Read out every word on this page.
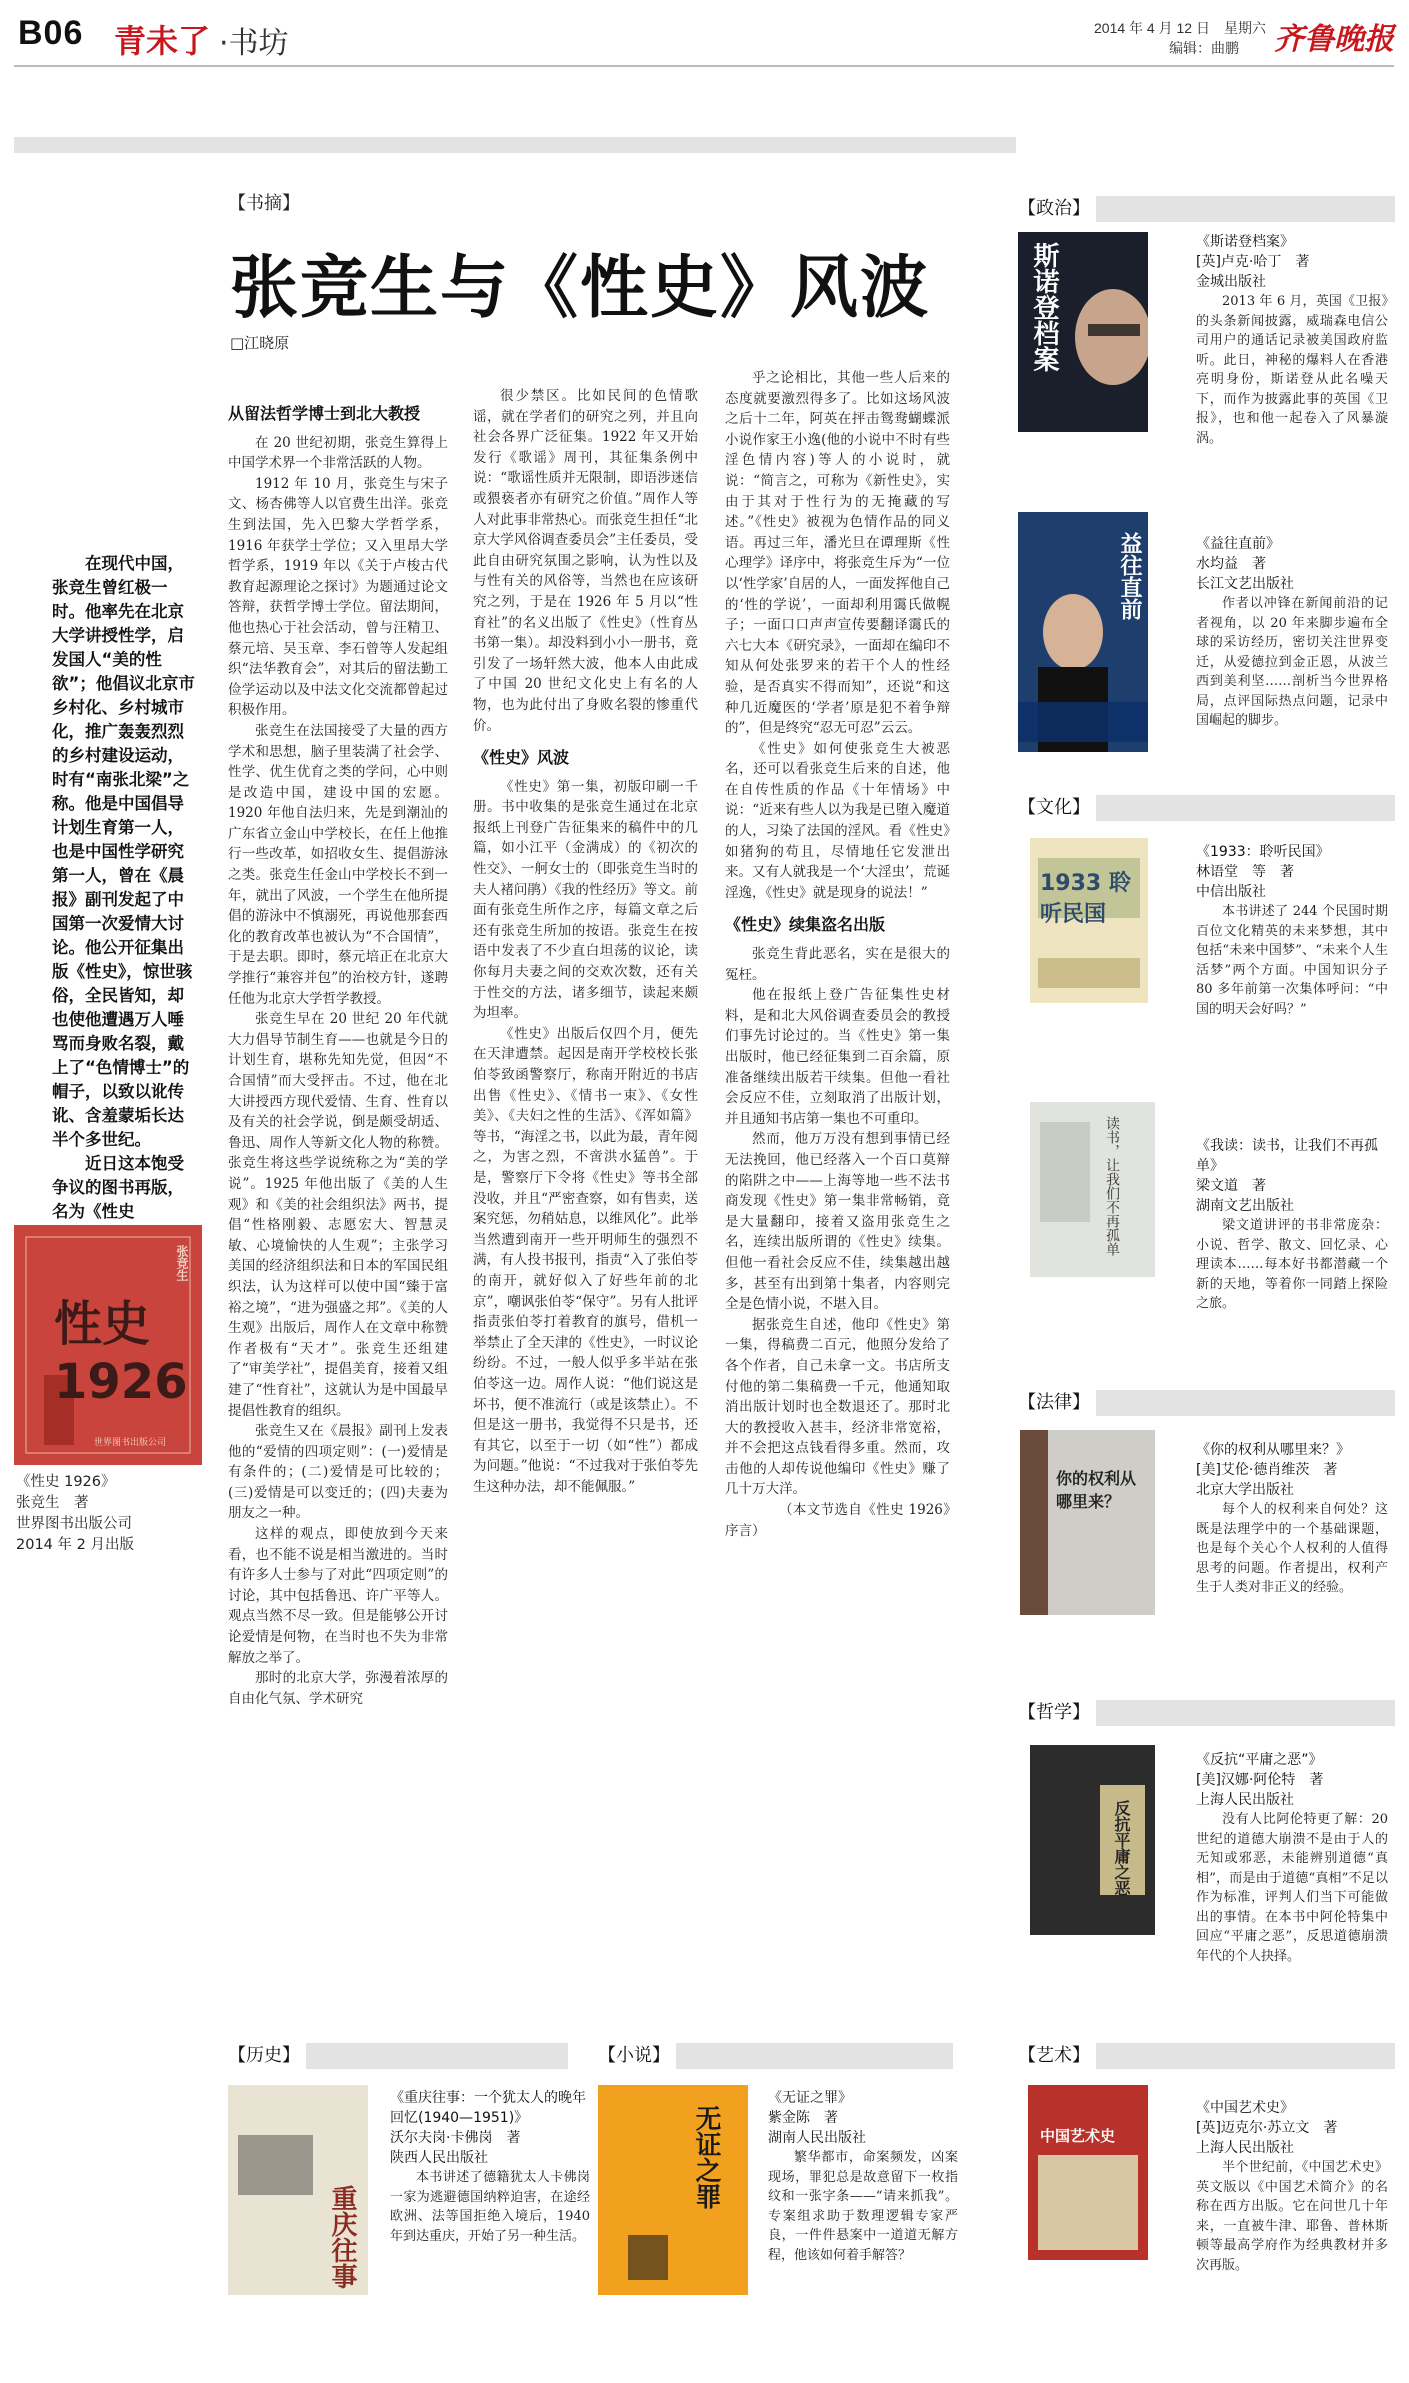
B06 青未了 ·书坊	2014 年 4 月 12 日　星期六
编辑：曲鹏 齐鲁晚报
【书摘】
张竞生与《性史》风波
□江晓原

在现代中国，张竞生曾红极一时。他率先在北京大学讲授性学，启发国人“美的性欲”；他倡议北京市乡村化、乡村城市化，推广轰轰烈烈的乡村建设运动，时有“南张北梁”之称。他是中国倡导计划生育第一人，也是中国性学研究第一人，曾在《晨报》副刊发起了中国第一次爱情大讨论。他公开征集出版《性史》，惊世骇俗，全民皆知，却也使他遭遇万人唾骂而身败名裂，戴上了“色情博士”的帽子，以致以讹传讹、含羞蒙垢长达半个多世纪。

近日这本饱受争议的图书再版，名为《性史

性史1926
张竞生
世界图书出版公司
《性史 1926》
张竞生　著
世界图书出版公司
2014 年 2 月出版
从留法哲学博士到北大教授

在 20 世纪初期，张竞生算得上中国学术界一个非常活跃的人物。

1912 年 10 月，张竞生与宋子文、杨杏佛等人以官费生出洋。张竞生到法国，先入巴黎大学哲学系，1916 年获学士学位；又入里昂大学哲学系，1919 年以《关于卢梭古代教育起源理论之探讨》为题通过论文答辩，获哲学博士学位。留法期间，他也热心于社会活动，曾与汪精卫、蔡元培、吴玉章、李石曾等人发起组织“法华教育会”，对其后的留法勤工俭学运动以及中法文化交流都曾起过积极作用。

张竞生在法国接受了大量的西方学术和思想，脑子里装满了社会学、性学、优生优育之类的学问，心中则是改造中国，建设中国的宏愿。1920 年他自法归来，先是到潮汕的广东省立金山中学校长，在任上他推行一些改革，如招收女生、提倡游泳之类。张竞生任金山中学校长不到一年，就出了风波，一个学生在他所提倡的游泳中不慎溺死，再说他那套西化的教育改革也被认为“不合国情”，于是去职。即时，蔡元培正在北京大学推行“兼容并包”的治校方针，遂聘任他为北京大学哲学教授。

张竞生早在 20 世纪 20 年代就大力倡导节制生育——也就是今日的计划生育，堪称先知先觉，但因“不合国情”而大受抨击。不过，他在北大讲授西方现代爱情、生育、性育以及有关的社会学说，倒是颇受胡适、鲁迅、周作人等新文化人物的称赞。张竞生将这些学说统称之为“美的学说”。1925 年他出版了《美的人生观》和《美的社会组织法》两书，提倡“性格刚毅、志愿宏大、智慧灵敏、心境愉快的人生观”；主张学习美国的经济组织法和日本的军国民组织法，认为这样可以使中国“臻于富裕之境”，“进为强盛之邦”。《美的人生观》出版后，周作人在文章中称赞作者极有“天才”。张竞生还组建了“审美学社”，提倡美育，接着又组建了“性育社”，这就认为是中国最早提倡性教育的组织。

张竞生又在《晨报》副刊上发表他的“爱情的四项定则”：(一)爱情是有条件的；(二)爱情是可比较的；(三)爱情是可以变迁的；(四)夫妻为朋友之一种。

这样的观点，即使放到今天来看，也不能不说是相当激进的。当时有许多人士参与了对此“四项定则”的讨论，其中包括鲁迅、许广平等人。观点当然不尽一致。但是能够公开讨论爱情是何物，在当时也不失为非常解放之举了。

那时的北京大学，弥漫着浓厚的自由化气氛、学术研究

很少禁区。比如民间的色情歌谣，就在学者们的研究之列，并且向社会各界广泛征集。1922 年又开始发行《歌谣》周刊，其征集条例中说：“歌谣性质并无限制，即语涉迷信或猥亵者亦有研究之价值。”周作人等人对此事非常热心。而张竞生担任“北京大学风俗调查委员会”主任委员，受此自由研究氛围之影响，认为性以及与性有关的风俗等，当然也在应该研究之列，于是在 1926 年 5 月以“性育社”的名义出版了《性史》（性育丛书第一集）。却没料到小小一册书，竟引发了一场轩然大波，他本人由此成了中国 20 世纪文化史上有名的人物，也为此付出了身败名裂的惨重代价。

《性史》风波

《性史》第一集，初版印刷一千册。书中收集的是张竞生通过在北京报纸上刊登广告征集来的稿件中的几篇，如小江平（金满成）的《初次的性交》、一舸女士的（即张竞生当时的夫人褚问鹃）《我的性经历》等文。前面有张竞生所作之序，每篇文章之后还有张竞生所加的按语。张竞生在按语中发表了不少直白坦荡的议论，读你每月夫妻之间的交欢次数，还有关于性交的方法，诸多细节，读起来颇为坦率。

《性史》出版后仅四个月，便先在天津遭禁。起因是南开学校校长张伯苓致函警察厅，称南开附近的书店出售《性史》、《情书一束》、《女性美》、《夫妇之性的生活》、《浑如篇》等书，“海淫之书，以此为最，青年阅之，为害之烈，不啻洪水猛兽”。于是，警察厅下令将《性史》等书全部没收，并且“严密查察，如有售卖，送案究惩，勿稍姑息，以维风化”。此举当然遭到南开一些开明师生的强烈不满，有人投书报刊，指责“入了张伯苓的南开，就好似入了好些年前的北京”，嘲讽张伯苓“保守”。另有人批评指责张伯苓打着教育的旗号，借机一举禁止了全天津的《性史》，一时议论纷纷。不过，一般人似乎多半站在张伯苓这一边。周作人说：“他们说这是坏书，便不准流行（或是该禁止）。不但是这一册书，我觉得不只是书，还有其它，以至于一切（如“性”）都成为问题。”他说：“不过我对于张伯苓先生这种办法，却不能佩服。”

乎之论相比，其他一些人后来的态度就要激烈得多了。比如这场风波之后十二年，阿英在抨击鸳鸯蝴蝶派小说作家王小逸(他的小说中不时有些淫色情内容)等人的小说时，就说：“简言之，可称为《新性史》，实由于其对于性行为的无掩藏的写述。”《性史》被视为色情作品的同义语。再过三年，潘光旦在谭理斯《性心理学》译序中，将张竞生斥为“一位以‘性学家’自居的人，一面发挥他自己的‘性的学说’，一面却利用霭氏做幌子；一面口口声声宣传要翻译霭氏的六七大本《研究录》，一面却在编印不知从何处张罗来的若干个人的性经验，是否真实不得而知”，还说“和这种几近魔医的‘学者’原是犯不着争辩的”，但是终究“忍无可忍”云云。

《性史》如何使张竞生大被恶名，还可以看张竞生后来的自述，他在自传性质的作品《十年情场》中说：“近来有些人以为我是已堕入魔道的人，习染了法国的淫风。看《性史》如猪狗的苟且，尽情地任它发泄出来。又有人就我是一个‘大淫虫’，荒诞淫逸，《性史》就是现身的说法！”

《性史》续集盗名出版

张竞生背此恶名，实在是很大的冤枉。

他在报纸上登广告征集性史材料，是和北大风俗调查委员会的教授们事先讨论过的。当《性史》第一集出版时，他已经征集到二百余篇，原准备继续出版若干续集。但他一看社会反应不佳，立刻取消了出版计划，并且通知书店第一集也不可重印。

然而，他万万没有想到事情已经无法挽回，他已经落入一个百口莫辩的陷阱之中——上海等地一些不法书商发现《性史》第一集非常畅销，竟是大量翻印，接着又盗用张竞生之名，连续出版所谓的《性史》续集。但他一看社会反应不佳，续集越出越多，甚至有出到第十集者，内容则完全是色情小说，不堪入目。

据张竞生自述，他印《性史》第一集，得稿费二百元，他照分发给了各个作者，自己未拿一文。书店所支付他的第二集稿费一千元，他通知取消出版计划时也全数退还了。那时北大的教授收入甚丰，经济非常宽裕，并不会把这点钱看得多重。然而，攻击他的人却传说他编印《性史》赚了几十万大洋。

（本文节选自《性史 1926》序言）

【政治】
斯诺登档案	《斯诺登档案》
[英]卢克·哈丁　著
金城出版社

2013 年 6 月，英国《卫报》的头条新闻披露，威瑞森电信公司用户的通话记录被美国政府监听。此日，神秘的爆料人在香港亮明身份，斯诺登从此名噪天下，而作为披露此事的英国《卫报》，也和他一起卷入了风暴漩涡。

益往直前	《益往直前》
水均益　著
长江文艺出版社

作者以冲锋在新闻前沿的记者视角，以 20 年来脚步遍布全球的采访经历，密切关注世界变迁，从爱德拉到金正恩，从波兰西到美利坚……剖析当今世界格局，点评国际热点问题，记录中国崛起的脚步。

【文化】
1933 聆听民国
《1933：聆听民国》
林语堂　等　著
中信出版社

本书讲述了 244 个民国时期百位文化精英的未来梦想，其中包括“未来中国梦”、“未来个人生活梦”两个方面。中国知识分子 80 多年前第一次集体呼问：“中国的明天会好吗？”

读书，让我们不再孤单	《我读：读书，让我们不再孤单》
梁文道　著
湖南文艺出版社

梁文道讲评的书非常庞杂：小说、哲学、散文、回忆录、心理读本……每本好书都潜藏一个新的天地，等着你一同踏上探险之旅。

【法律】
你的权利从哪里来？
《你的权利从哪里来？》
[美]艾伦·德肖维茨　著
北京大学出版社

每个人的权利来自何处？这既是法理学中的一个基础课题，也是每个关心个人权利的人值得思考的问题。作者提出，权利产生于人类对非正义的经验。

【哲学】
反抗平庸之恶
《反抗“平庸之恶”》
[美]汉娜·阿伦特　著
上海人民出版社

没有人比阿伦特更了解：20 世纪的道德大崩溃不是由于人的无知或邪恶，未能辨别道德“真相”，而是由于道德“真相”不足以作为标准，评判人们当下可能做出的事情。在本书中阿伦特集中回应“平庸之恶”，反思道德崩溃年代的个人抉择。

【艺术】
中国艺术史
《中国艺术史》
[英]迈克尔·苏立文　著
上海人民出版社

半个世纪前，《中国艺术史》英文版以《中国艺术简介》的名称在西方出版。它在问世几十年来，一直被牛津、耶鲁、普林斯顿等最高学府作为经典教材并多次再版。

【历史】
重庆往事
《重庆往事：一个犹太人的晚年回忆(1940—1951)》
沃尔夫岗·卡佛岗　著
陕西人民出版社

本书讲述了德籍犹太人卡佛岗一家为逃避德国纳粹迫害，在途经欧洲、法等国拒绝入境后，1940 年到达重庆，开始了另一种生活。

【小说】
无证之罪
《无证之罪》
紫金陈　著
湖南人民出版社

繁华都市，命案频发，凶案现场，罪犯总是故意留下一枚指纹和一张字条——“请来抓我”。专案组求助于数理逻辑专家严良，一件件悬案中一道道无解方程，他该如何着手解答？
